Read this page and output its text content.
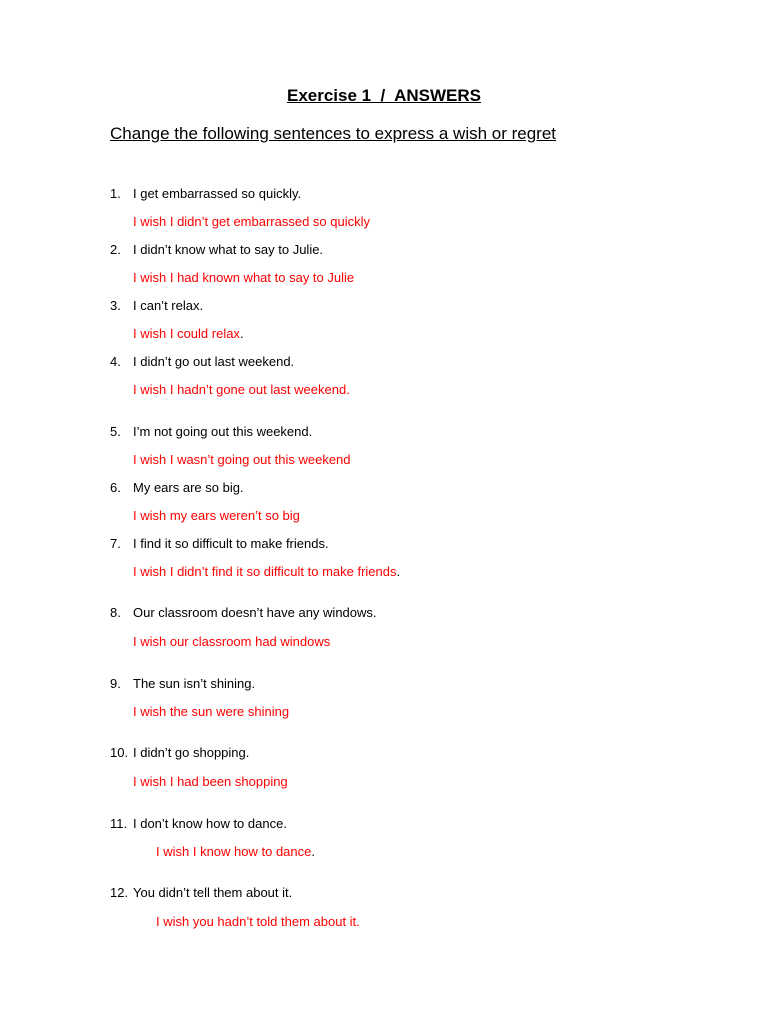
Exercise 1  /  ANSWERS
Change the following sentences to express a wish or regret
1. I get embarrassed so quickly.
I wish I didn’t get embarrassed so quickly
2. I didn’t know what to say to Julie.
I wish I had known what to say to Julie
3. I can’t relax.
I wish I could relax.
4. I didn’t go out last weekend.
I wish I hadn’t gone out last weekend.
5. I’m not going out this weekend.
I wish I wasn’t going out this weekend
6. My ears are so big.
I wish my ears weren’t so big
7. I find it so difficult to make friends.
I wish I didn’t find it so difficult to make friends.
8. Our classroom doesn’t have any windows.
I wish our classroom had windows
9. The sun isn’t shining.
I wish the sun were shining
10. I didn’t go shopping.
I wish I had been shopping
11. I don’t know how to dance.
I wish I know how to dance.
12. You didn’t tell them about it.
I wish you hadn’t told them about it.
